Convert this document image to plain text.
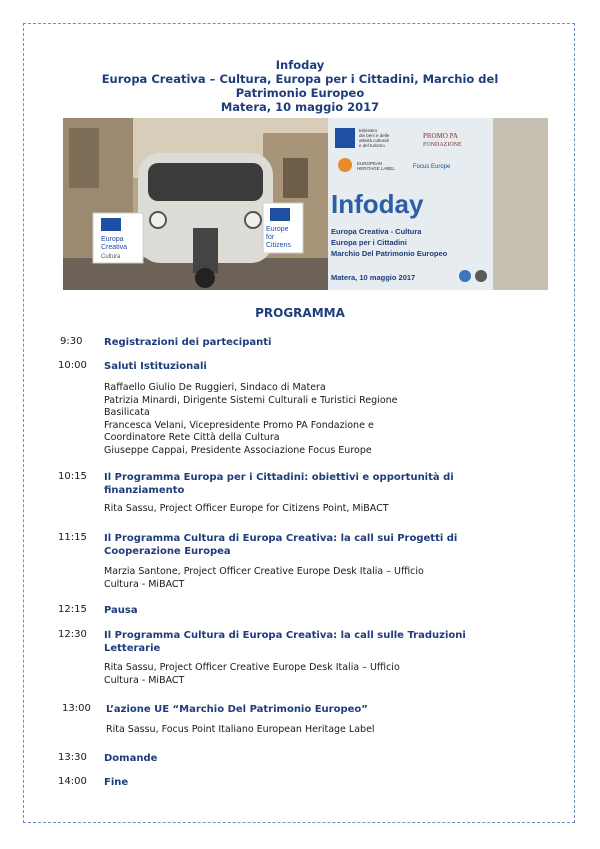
Infoday
Europa Creativa – Cultura, Europa per i Cittadini, Marchio del
Patrimonio Europeo
Matera, 10 maggio 2017
Europa
Creativa
Cultura
Europe
for
Citizens
Ministero
dei beni e delle
attività culturali
e del turismo
PROMO PA
FONDAZIONE
EUROPEAN
HERITAGE LABEL	Focus Europe
Infoday
Europa Creativa - Cultura
Europa per i Cittadini
Marchio Del Patrimonio Europeo
Matera, 10 maggio 2017
PROGRAMMA
9:30 Registrazioni dei partecipanti
10:00 Saluti Istituzionali
Raffaello Giulio De Ruggieri, Sindaco di Matera
Patrizia Minardi, Dirigente Sistemi Culturali e Turistici Regione
Basilicata
Francesca Velani, Vicepresidente Promo PA Fondazione e
Coordinatore Rete Città della Cultura
Giuseppe Cappai, Presidente Associazione Focus Europe
10:15 Il Programma Europa per i Cittadini: obiettivi e opportunità di
finanziamento
Rita Sassu, Project Officer Europe for Citizens Point, MiBACT
11:15 Il Programma Cultura di Europa Creativa: la call sui Progetti di
Cooperazione Europea
Marzia Santone, Project Officer Creative Europe Desk Italia – Ufficio
Cultura - MiBACT
12:15 Pausa
12:30 Il Programma Cultura di Europa Creativa: la call sulle Traduzioni
Letterarie
Rita Sassu, Project Officer Creative Europe Desk Italia – Ufficio
Cultura - MiBACT
13:00 L’azione UE “Marchio Del Patrimonio Europeo”
Rita Sassu, Focus Point Italiano European Heritage Label
13:30 Domande
14:00 Fine
